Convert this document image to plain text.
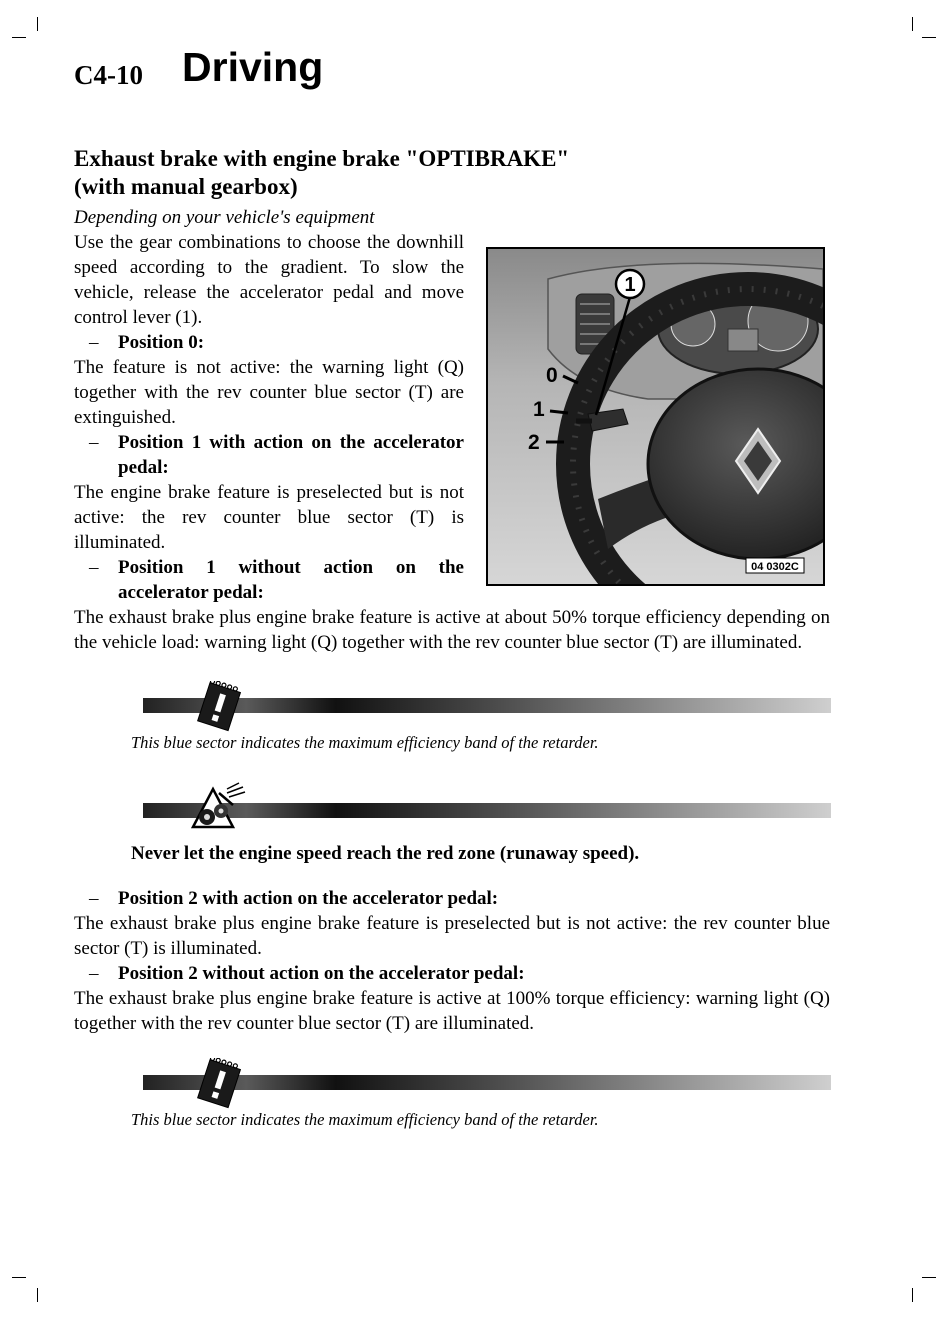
C4-10 Driving
1
0
1
2
04 0302C
Exhaust brake with engine brake "OPTIBRAKE"
(with manual gearbox)
Depending on your vehicle's equipment
Use the gear combinations to choose the downhill speed according to the gradient. To slow the vehicle, release the accelerator pedal and move control lever (1).
– Position 0:
The feature is not active: the warning light (Q) together with the rev counter blue sector (T) are extinguished.
– Position 1 with action on the accelerator pedal:
The engine brake feature is preselected but is not active: the rev counter blue sector (T) is illuminated.
– Position 1 without action on the accelerator pedal:
The exhaust brake plus engine brake feature is active at about 50% torque efficiency depending on the vehicle load: warning light (Q) together with the rev counter blue sector (T) are illuminated.
This blue sector indicates the maximum efficiency band of the retarder.
Never let the engine speed reach the red zone (runaway speed).
– Position 2 with action on the accelerator pedal:
The exhaust brake plus engine brake feature is preselected but is not active: the rev counter blue sector (T) is illuminated.
– Position 2 without action on the accelerator pedal:
The exhaust brake plus engine brake feature is active at 100% torque efficiency: warning light (Q) together with the rev counter blue sector (T) are illuminated.
This blue sector indicates the maximum efficiency band of the retarder.
